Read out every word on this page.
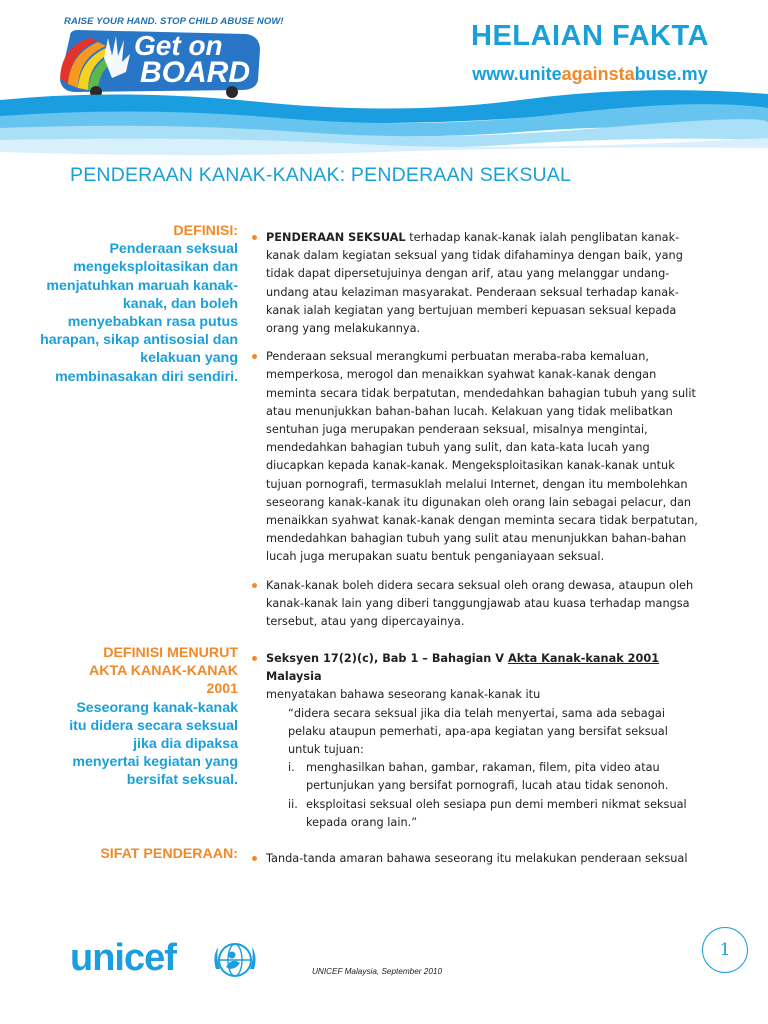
RAISE YOUR HAND. STOP CHILD ABUSE NOW!
Get on
BOARD
HELAIAN FAKTA
www.uniteagainstabuse.my
PENDERAAN KANAK-KANAK: PENDERAAN SEKSUAL
DEFINISI:
Penderaan seksual mengeksploitasikan dan menjatuhkan maruah kanak-kanak, dan boleh menyebabkan rasa putus harapan, sikap antisosial dan kelakuan yang membinasakan diri sendiri.
PENDERAAN SEKSUAL terhadap kanak-kanak ialah penglibatan kanak-kanak dalam kegiatan seksual yang tidak difahaminya dengan baik, yang tidak dapat dipersetujuinya dengan arif, atau yang melanggar undang-undang atau kelaziman masyarakat. Penderaan seksual terhadap kanak-kanak ialah kegiatan yang bertujuan memberi kepuasan seksual kepada orang yang melakukannya.
Penderaan seksual merangkumi perbuatan meraba-raba kemaluan, memperkosa, merogol dan menaikkan syahwat kanak-kanak dengan meminta secara tidak berpatutan, mendedahkan bahagian tubuh yang sulit atau menunjukkan bahan-bahan lucah. Kelakuan yang tidak melibatkan sentuhan juga merupakan penderaan seksual, misalnya mengintai, mendedahkan bahagian tubuh yang sulit, dan kata-kata lucah yang diucapkan kepada kanak-kanak. Mengeksploitasikan kanak-kanak untuk tujuan pornografi, termasuklah melalui Internet, dengan itu membolehkan seseorang kanak-kanak itu digunakan oleh orang lain sebagai pelacur, dan menaikkan syahwat kanak-kanak dengan meminta secara tidak berpatutan, mendedahkan bahagian tubuh yang sulit atau menunjukkan bahan-bahan lucah juga merupakan suatu bentuk penganiayaan seksual.
Kanak-kanak boleh didera secara seksual oleh orang dewasa, ataupun oleh kanak-kanak lain yang diberi tanggungjawab atau kuasa terhadap mangsa tersebut, atau yang dipercayainya.
DEFINISI MENURUT AKTA KANAK-KANAK 2001
Seseorang kanak-kanak itu didera secara seksual jika dia dipaksa menyertai kegiatan yang bersifat seksual.
Seksyen 17(2)(c), Bab 1 – Bahagian V Akta Kanak-kanak 2001 Malaysia
menyatakan bahawa seseorang kanak-kanak itu
“didera secara seksual jika dia telah menyertai, sama ada sebagai pelaku ataupun pemerhati, apa-apa kegiatan yang bersifat seksual untuk tujuan:
i. menghasilkan bahan, gambar, rakaman, filem, pita video atau pertunjukan yang bersifat pornografi, lucah atau tidak senonoh.
ii. eksploitasi seksual oleh sesiapa pun demi memberi nikmat seksual kepada orang lain.”
SIFAT PENDERAAN:	Tanda-tanda amaran bahawa seseorang itu melakukan penderaan seksual
unicef	UNICEF Malaysia, September 2010
1
